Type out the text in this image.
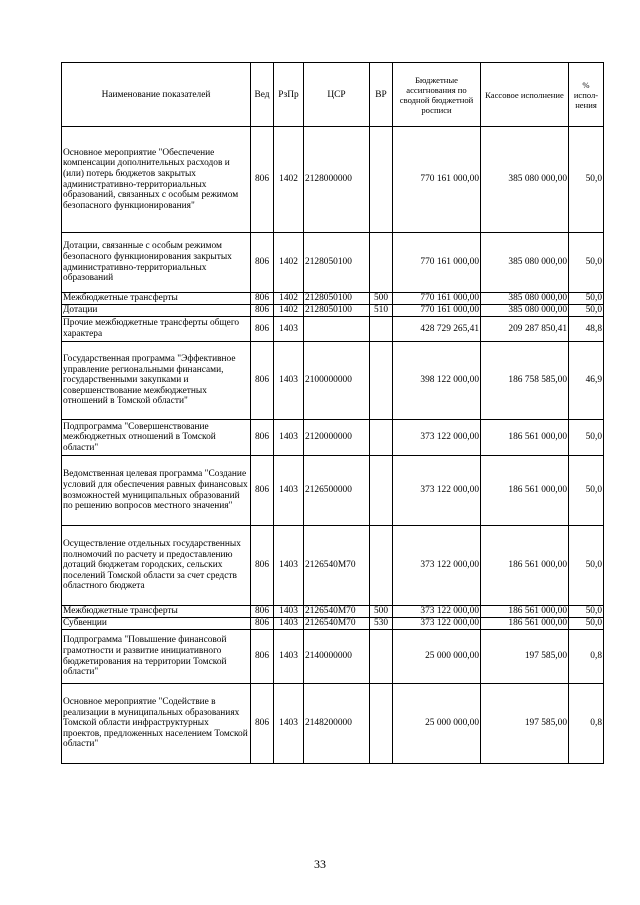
Наименование показателей	Вед	РзПр	ЦСР	ВР	Бюджетные ассигнования по сводной бюджетной росписи	Кассовое исполнение	% испол-нения
Основное мероприятие "Обеспечение компенсации дополнительных расходов и (или) потерь бюджетов закрытых административно-территориальных образований, связанных с особым режимом безопасного функционирования"	806	1402	2128000000		770 161 000,00	385 080 000,00	50,0
Дотации, связанные с особым режимом безопасного функционирования закрытых административно-территориальных образований	806	1402	2128050100		770 161 000,00	385 080 000,00	50,0
Межбюджетные трансферты	806	1402	2128050100	500	770 161 000,00	385 080 000,00	50,0
Дотации	806	1402	2128050100	510	770 161 000,00	385 080 000,00	50,0
Прочие межбюджетные трансферты общего характера	806	1403			428 729 265,41	209 287 850,41	48,8
Государственная программа "Эффективное управление региональными финансами, государственными закупками и совершенствование межбюджетных отношений в Томской области"	806	1403	2100000000		398 122 000,00	186 758 585,00	46,9
Подпрограмма "Совершенствование межбюджетных отношений в Томской области"	806	1403	2120000000		373 122 000,00	186 561 000,00	50,0
Ведомственная целевая программа "Создание условий для обеспечения равных финансовых возможностей муниципальных образований по решению вопросов местного значения"	806	1403	2126500000		373 122 000,00	186 561 000,00	50,0
Осуществление отдельных государственных полномочий по расчету и предоставлению дотаций бюджетам городских, сельских поселений Томской области за счет средств областного бюджета	806	1403	2126540М70		373 122 000,00	186 561 000,00	50,0
Межбюджетные трансферты	806	1403	2126540М70	500	373 122 000,00	186 561 000,00	50,0
Субвенции	806	1403	2126540М70	530	373 122 000,00	186 561 000,00	50,0
Подпрограмма "Повышение финансовой грамотности и развитие инициативного бюджетирования на территории Томской области"	806	1403	2140000000		25 000 000,00	197 585,00	0,8
Основное мероприятие "Содействие в реализации в муниципальных образованиях Томской области инфраструктурных проектов, предложенных населением Томской области"	806	1403	2148200000		25 000 000,00	197 585,00	0,8
33
